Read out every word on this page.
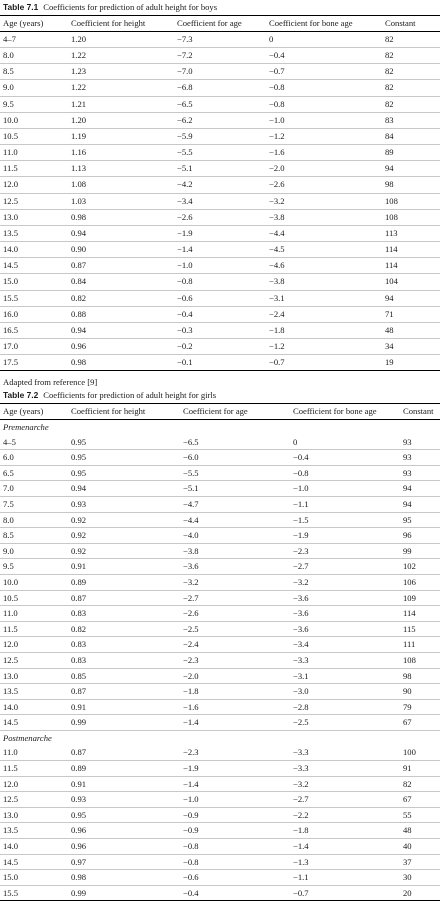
Table 7.1 Coefficients for prediction of adult height for boys
Age (years)	Coefficient for height	Coefficient for age	Coefficient for bone age	Constant
4–7	1.20	−7.3	0	82
8.0	1.22	−7.2	−0.4	82
8.5	1.23	−7.0	−0.7	82
9.0	1.22	−6.8	−0.8	82
9.5	1.21	−6.5	−0.8	82
10.0	1.20	−6.2	−1.0	83
10.5	1.19	−5.9	−1.2	84
11.0	1.16	−5.5	−1.6	89
11.5	1.13	−5.1	−2.0	94
12.0	1.08	−4.2	−2.6	98
12.5	1.03	−3.4	−3.2	108
13.0	0.98	−2.6	−3.8	108
13.5	0.94	−1.9	−4.4	113
14.0	0.90	−1.4	−4.5	114
14.5	0.87	−1.0	−4.6	114
15.0	0.84	−0.8	−3.8	104
15.5	0.82	−0.6	−3.1	94
16.0	0.88	−0.4	−2.4	71
16.5	0.94	−0.3	−1.8	48
17.0	0.96	−0.2	−1.2	34
17.5	0.98	−0.1	−0.7	19
Adapted from reference [9]
Table 7.2 Coefficients for prediction of adult height for girls
Age (years)	Coefficient for height	Coefficient for age	Coefficient for bone age	Constant
Premenarche				
4–5	0.95	−6.5	0	93
6.0	0.95	−6.0	−0.4	93
6.5	0.95	−5.5	−0.8	93
7.0	0.94	−5.1	−1.0	94
7.5	0.93	−4.7	−1.1	94
8.0	0.92	−4.4	−1.5	95
8.5	0.92	−4.0	−1.9	96
9.0	0.92	−3.8	−2.3	99
9.5	0.91	−3.6	−2.7	102
10.0	0.89	−3.2	−3.2	106
10.5	0.87	−2.7	−3.6	109
11.0	0.83	−2.6	−3.6	114
11.5	0.82	−2.5	−3.6	115
12.0	0.83	−2.4	−3.4	111
12.5	0.83	−2.3	−3.3	108
13.0	0.85	−2.0	−3.1	98
13.5	0.87	−1.8	−3.0	90
14.0	0.91	−1.6	−2.8	79
14.5	0.99	−1.4	−2.5	67
Postmenarche				
11.0	0.87	−2.3	−3.3	100
11.5	0.89	−1.9	−3.3	91
12.0	0.91	−1.4	−3.2	82
12.5	0.93	−1.0	−2.7	67
13.0	0.95	−0.9	−2.2	55
13.5	0.96	−0.9	−1.8	48
14.0	0.96	−0.8	−1.4	40
14.5	0.97	−0.8	−1.3	37
15.0	0.98	−0.6	−1.1	30
15.5	0.99	−0.4	−0.7	20
